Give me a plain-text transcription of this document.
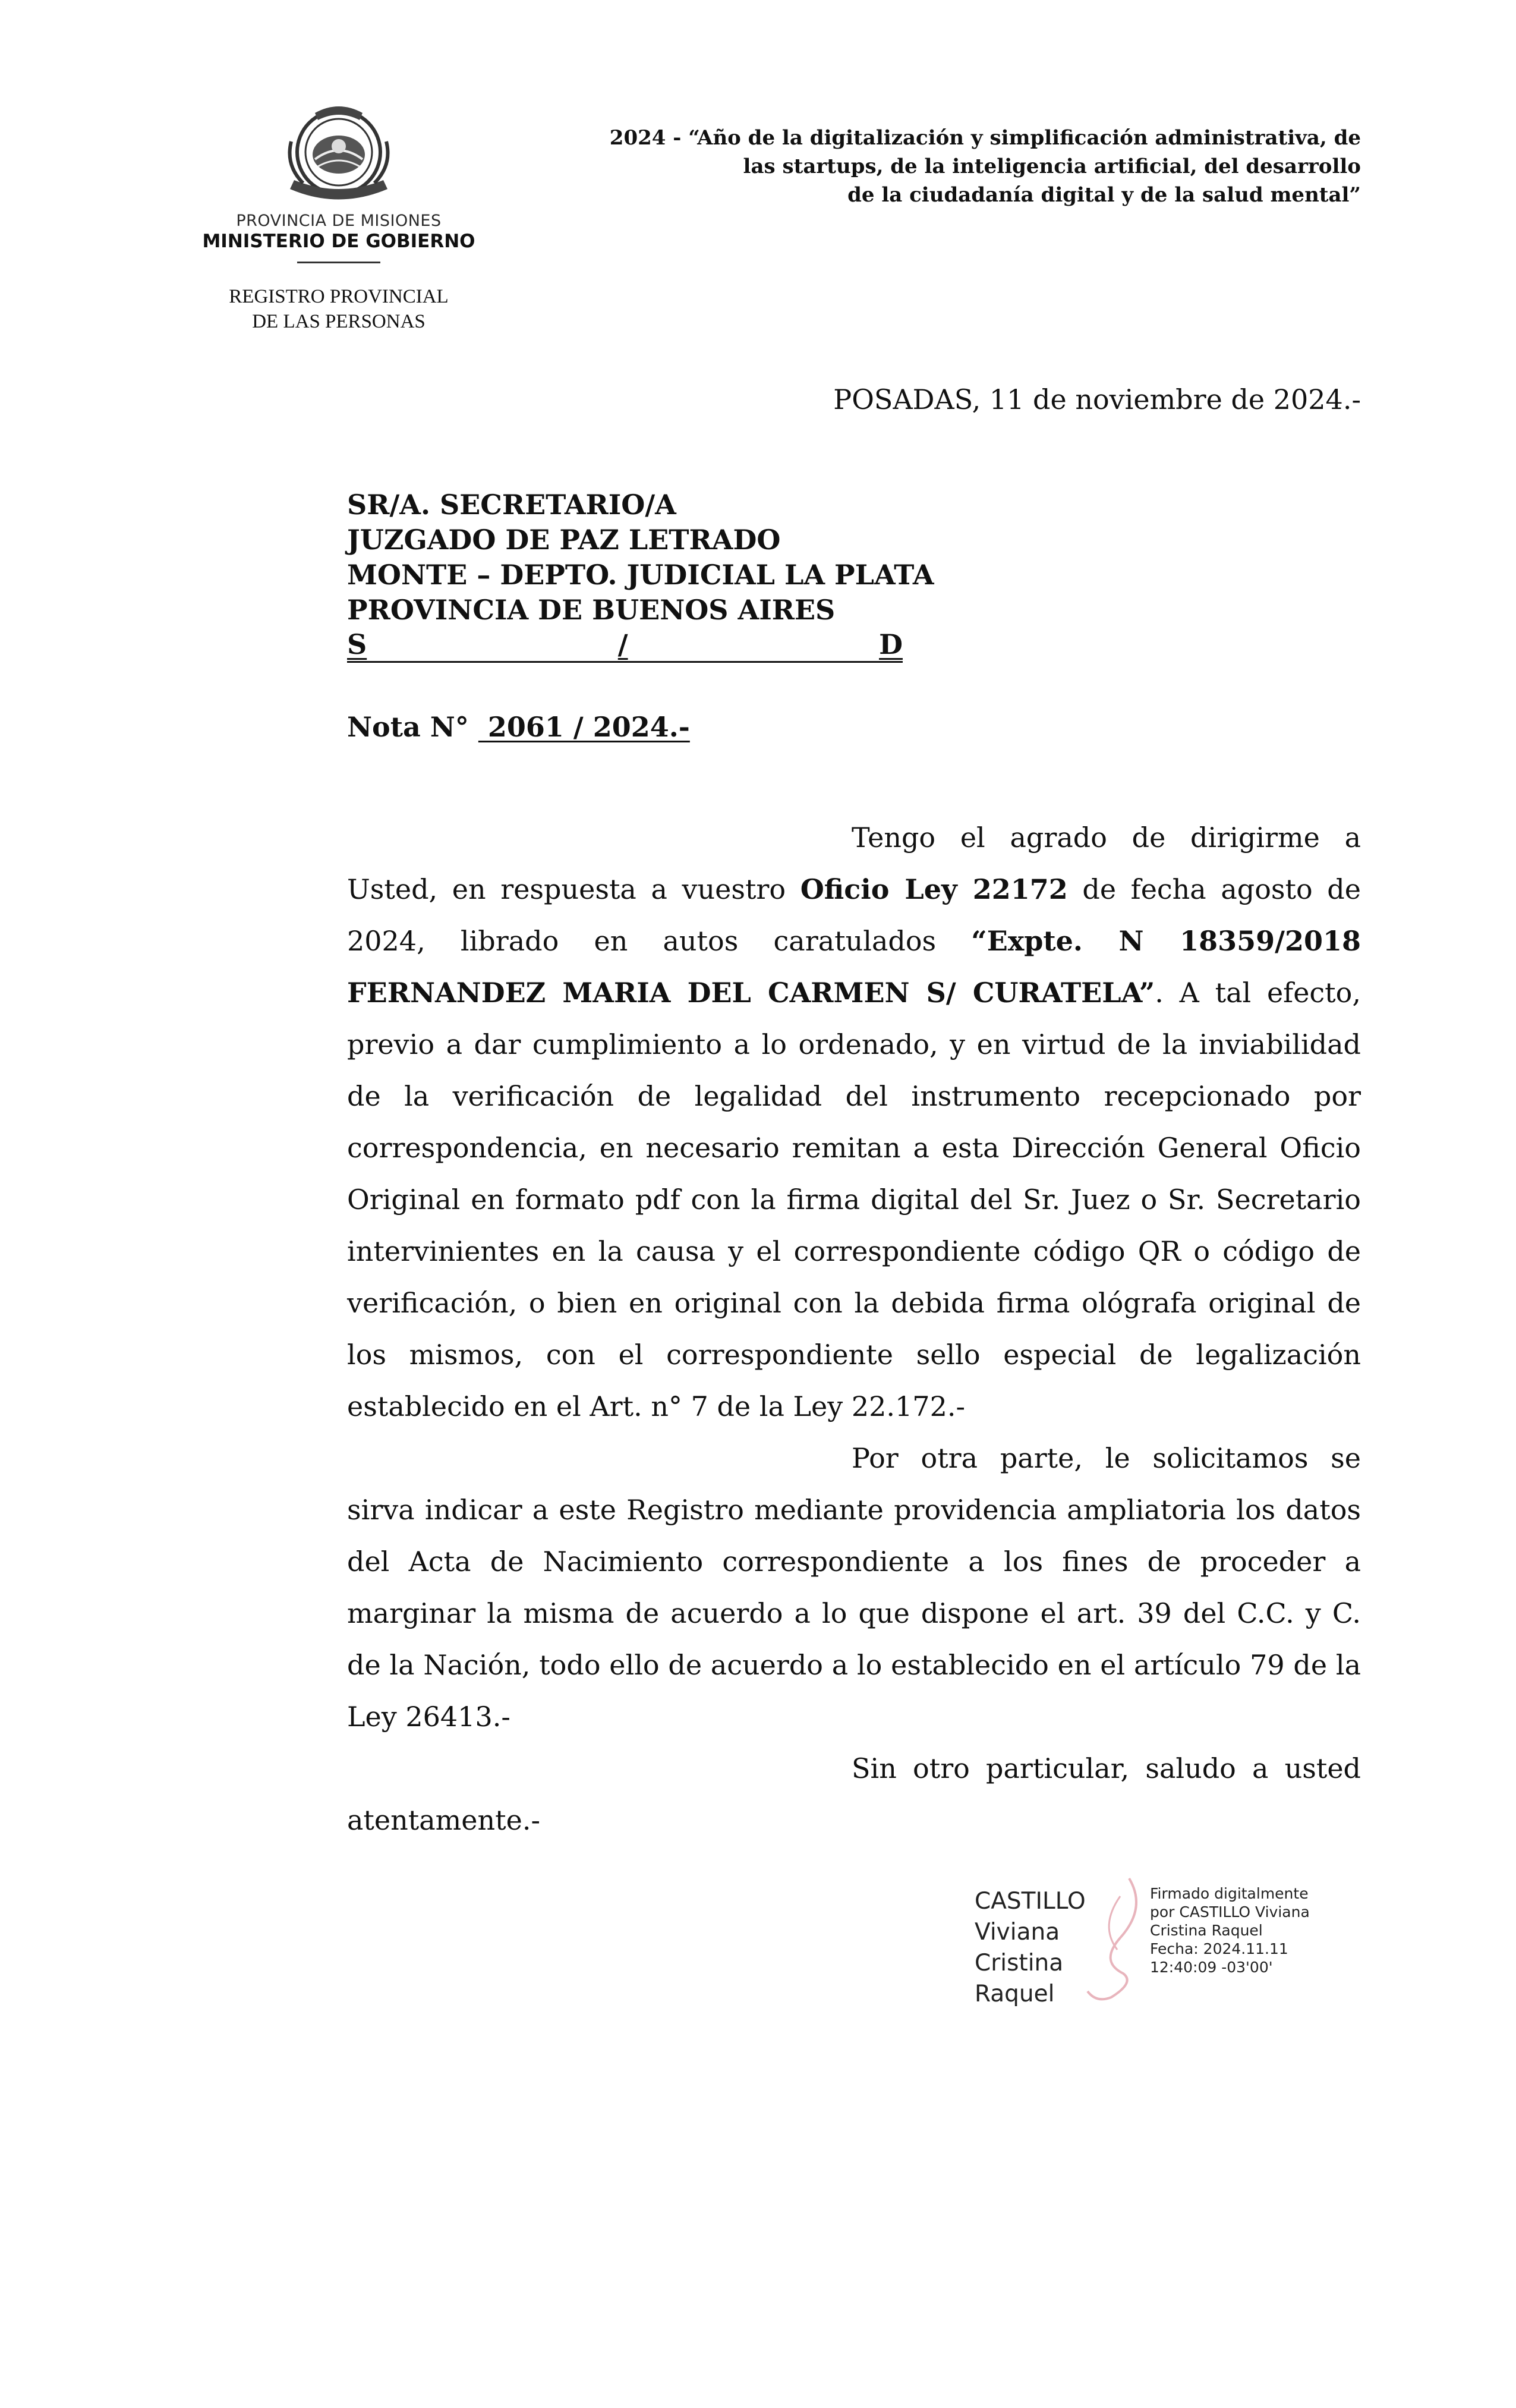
PROVINCIA DE MISIONES
MINISTERIO DE GOBIERNO
REGISTRO PROVINCIAL
DE LAS PERSONAS
2024 - “Año de la digitalización y simplificación administrativa, de
las startups, de la inteligencia artificial, del desarrollo
de la ciudadanía digital y de la salud mental”
POSADAS, 11 de noviembre de 2024.-
SR/A. SECRETARIO/A
JUZGADO DE PAZ LETRADO
MONTE – DEPTO. JUDICIAL LA PLATA
PROVINCIA DE BUENOS AIRES
S	/	D
Nota N°  2061 / 2024.-

Tengo el agrado de dirigirme a Usted, en respuesta a vuestro Oficio Ley 22172 de fecha agosto de 2024, librado en autos caratulados “Expte. N 18359/2018 FERNANDEZ MARIA DEL CARMEN S/ CURATELA”. A tal efecto, previo a dar cumplimiento a lo ordenado, y en virtud de la inviabilidad de la verificación de legalidad del instrumento recepcionado por correspondencia, en necesario remitan a esta Dirección General Oficio Original en formato pdf con la firma digital del Sr. Juez o Sr. Secretario intervinientes en la causa y el correspondiente código QR o código de verificación, o bien en original con la debida firma ológrafa original de los mismos, con el correspondiente sello especial de legalización establecido en el Art. n° 7 de la Ley 22.172.-

Por otra parte, le solicitamos se sirva indicar a este Registro mediante providencia ampliatoria los datos del Acta de Nacimiento correspondiente a los fines de proceder a marginar la misma de acuerdo a lo que dispone el art. 39 del C.C. y C. de la Nación, todo ello de acuerdo a lo establecido en el artículo 79 de la Ley 26413.-

Sin otro particular, saludo a usted atentamente.-

CASTILLO
Viviana Cristina
Raquel
Firmado digitalmente
por CASTILLO Viviana
Cristina Raquel
Fecha: 2024.11.11
12:40:09 -03'00'
